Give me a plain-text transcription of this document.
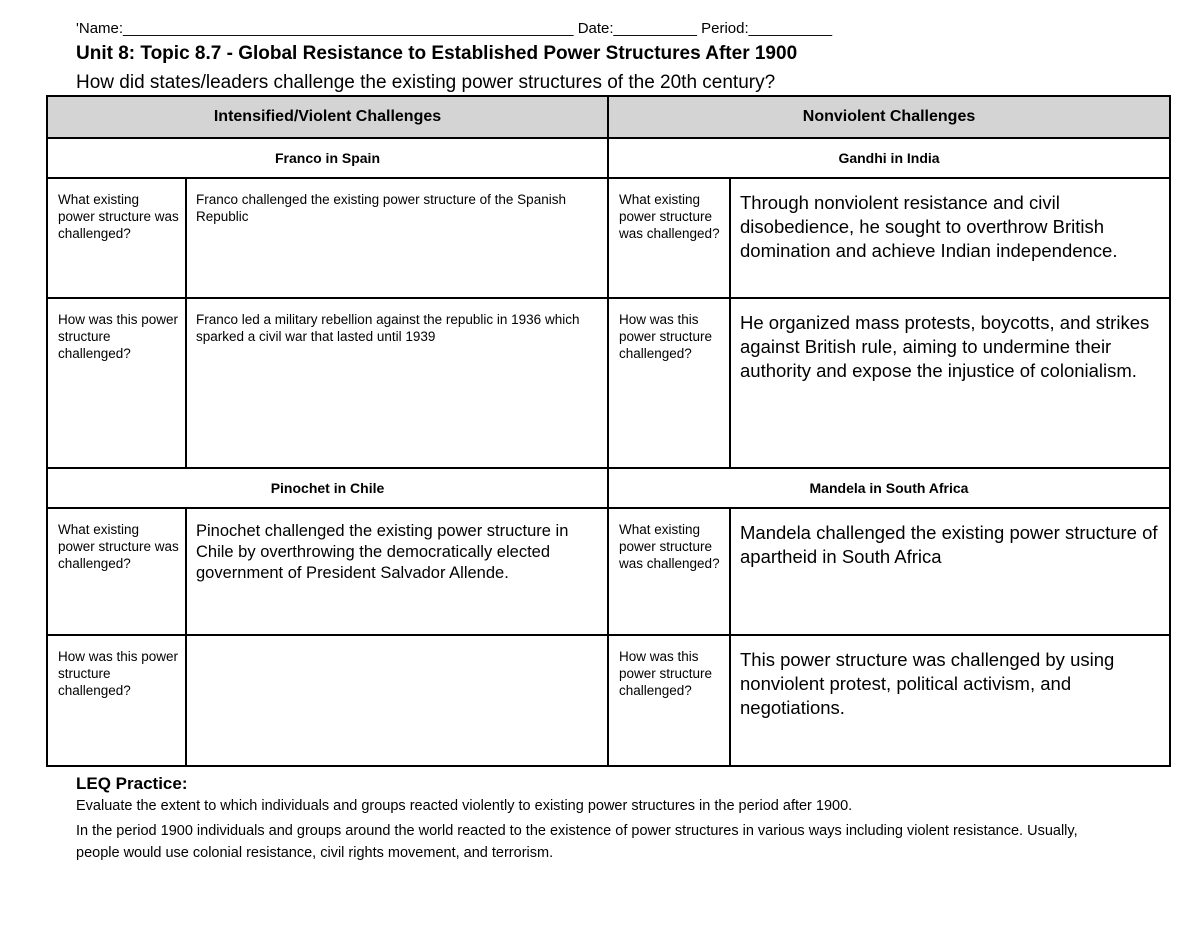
'Name:______________________________________________________ Date:__________ Period:__________
Unit 8: Topic 8.7 - Global Resistance to Established Power Structures After 1900
How did states/leaders challenge the existing power structures of the 20th century?
Intensified/Violent Challenges		Nonviolent Challenges	
Franco in Spain		Gandhi in India	
What existing power structure was challenged?	Franco challenged the existing power structure of the Spanish Republic	What existing power structure was challenged?	Through nonviolent resistance and civil disobedience, he sought to overthrow British domination and achieve Indian independence.
How was this power structure challenged?	Franco led a military rebellion against the republic in 1936 which sparked a civil war that lasted until 1939	How was this power structure challenged?	He organized mass protests, boycotts, and strikes against British rule, aiming to undermine their authority and expose the injustice of colonialism.
Pinochet in Chile		Mandela in South Africa	
What existing power structure was challenged?	Pinochet challenged the existing power structure in Chile by overthrowing the democratically elected government of President Salvador Allende.	What existing power structure was challenged?	Mandela challenged the existing power structure of apartheid in South Africa
How was this power structure challenged?		How was this power structure challenged?	This power structure was challenged by using nonviolent protest, political activism, and negotiations.
LEQ Practice:
Evaluate the extent to which individuals and groups reacted violently to existing power structures in the period after 1900.
In the period 1900 individuals and groups around the world reacted to the existence of power structures in various ways including violent resistance. Usually, people would use colonial resistance, civil rights movement, and terrorism.
